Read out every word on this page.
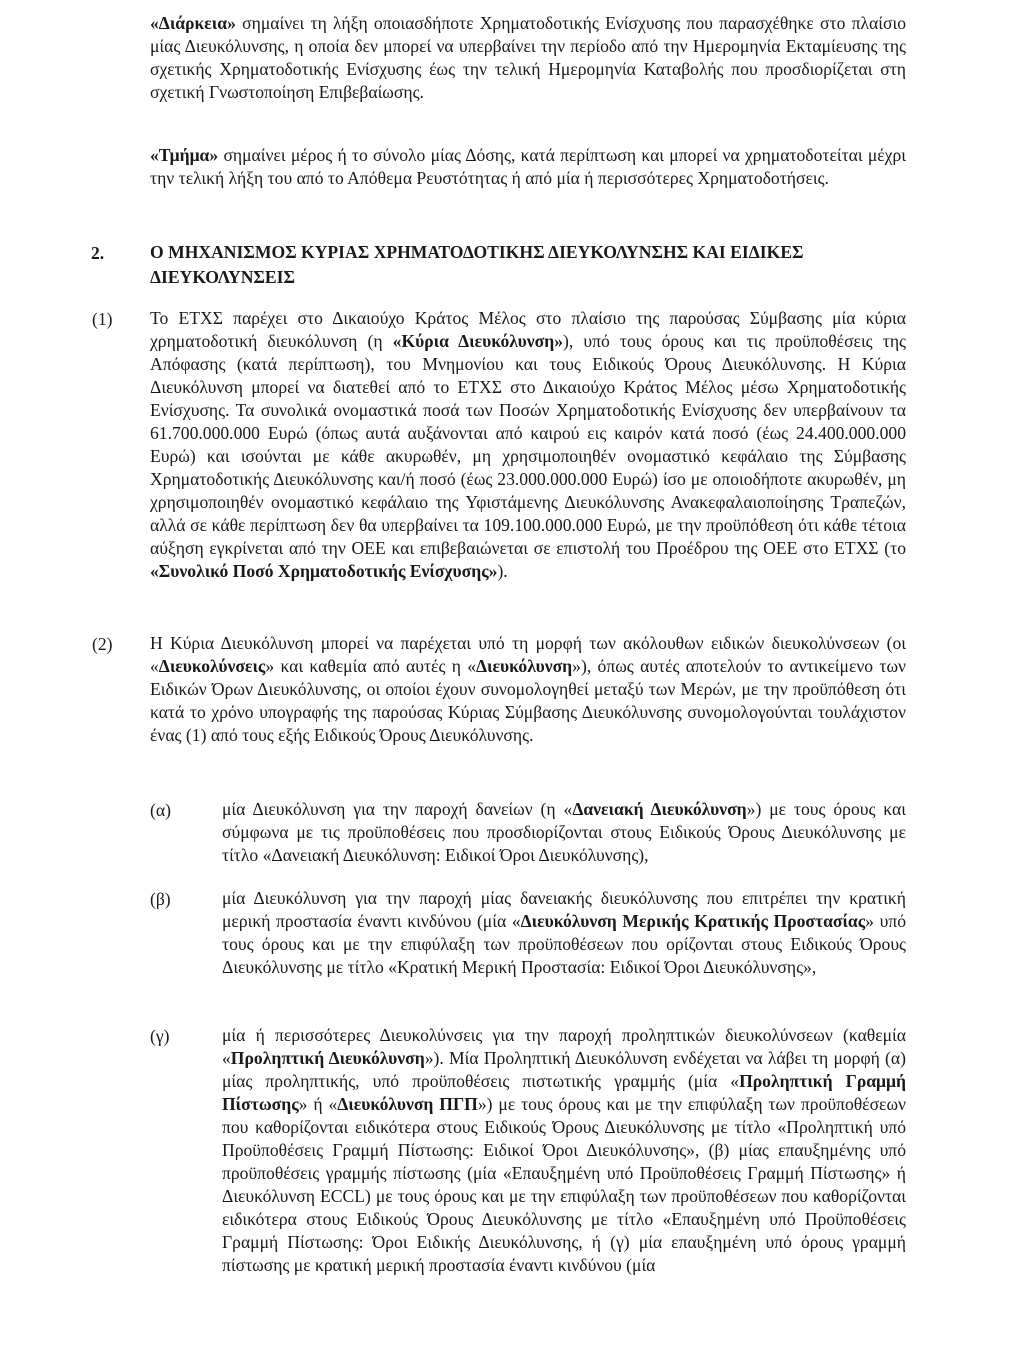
«Διάρκεια» σημαίνει τη λήξη οποιασδήποτε Χρηματοδοτικής Ενίσχυσης που παρασχέθηκε στο πλαίσιο μίας Διευκόλυνσης, η οποία δεν μπορεί να υπερβαίνει την περίοδο από την Ημερομηνία Εκταμίευσης της σχετικής Χρηματοδοτικής Ενίσχυσης έως την τελική Ημερομηνία Καταβολής που προσδιορίζεται στη σχετική Γνωστοποίηση Επιβεβαίωσης.
«Τμήμα» σημαίνει μέρος ή το σύνολο μίας Δόσης, κατά περίπτωση και μπορεί να χρηματοδοτείται μέχρι την τελική λήξη του από το Απόθεμα Ρευστότητας ή από μία ή περισσότερες Χρηματοδοτήσεις.
2.	Ο ΜΗΧΑΝΙΣΜΟΣ ΚΥΡΙΑΣ ΧΡΗΜΑΤΟΔΟΤΙΚΗΣ ΔΙΕΥΚΟΛΥΝΣΗΣ ΚΑΙ ΕΙΔΙΚΕΣ ΔΙΕΥΚΟΛΥΝΣΕΙΣ
(1) Το ΕΤΧΣ παρέχει στο Δικαιούχο Κράτος Μέλος στο πλαίσιο της παρούσας Σύμβασης μία κύρια χρηματοδοτική διευκόλυνση (η «Κύρια Διευκόλυνση»), υπό τους όρους και τις προϋποθέσεις της Απόφασης (κατά περίπτωση), του Μνημονίου και τους Ειδικούς Όρους Διευκόλυνσης. Η Κύρια Διευκόλυνση μπορεί να διατεθεί από το ΕΤΧΣ στο Δικαιούχο Κράτος Μέλος μέσω Χρηματοδοτικής Ενίσχυσης. Τα συνολικά ονομαστικά ποσά των Ποσών Χρηματοδοτικής Ενίσχυσης δεν υπερβαίνουν τα 61.700.000.000 Ευρώ (όπως αυτά αυξάνονται από καιρού εις καιρόν κατά ποσό (έως 24.400.000.000 Ευρώ) και ισούνται με κάθε ακυρωθέν, μη χρησιμοποιηθέν ονομαστικό κεφάλαιο της Σύμβασης Χρηματοδοτικής Διευκόλυνσης και/ή ποσό (έως 23.000.000.000 Ευρώ) ίσο με οποιοδήποτε ακυρωθέν, μη χρησιμοποιηθέν ονομαστικό κεφάλαιο της Υφιστάμενης Διευκόλυνσης Ανακεφαλαιοποίησης Τραπεζών, αλλά σε κάθε περίπτωση δεν θα υπερβαίνει τα 109.100.000.000 Ευρώ, με την προϋπόθεση ότι κάθε τέτοια αύξηση εγκρίνεται από την ΟΕΕ και επιβεβαιώνεται σε επιστολή του Προέδρου της ΟΕΕ στο ΕΤΧΣ (το «Συνολικό Ποσό Χρηματοδοτικής Ενίσχυσης»).
(2) Η Κύρια Διευκόλυνση μπορεί να παρέχεται υπό τη μορφή των ακόλουθων ειδικών διευκολύνσεων (οι «Διευκολύνσεις» και καθεμία από αυτές η «Διευκόλυνση»), όπως αυτές αποτελούν το αντικείμενο των Ειδικών Όρων Διευκόλυνσης, οι οποίοι έχουν συνομολογηθεί μεταξύ των Μερών, με την προϋπόθεση ότι κατά το χρόνο υπογραφής της παρούσας Κύριας Σύμβασης Διευκόλυνσης συνομολογούνται τουλάχιστον ένας (1) από τους εξής Ειδικούς Όρους Διευκόλυνσης.
(α)	μία Διευκόλυνση για την παροχή δανείων (η «Δανειακή Διευκόλυνση») με τους όρους και σύμφωνα με τις προϋποθέσεις που προσδιορίζονται στους Ειδικούς Όρους Διευκόλυνσης με τίτλο «Δανειακή Διευκόλυνση: Ειδικοί Όροι Διευκόλυνσης),
(β)	μία Διευκόλυνση για την παροχή μίας δανειακής διευκόλυνσης που επιτρέπει την κρατική μερική προστασία έναντι κινδύνου (μία «Διευκόλυνση Μερικής Κρατικής Προστασίας» υπό τους όρους και με την επιφύλαξη των προϋποθέσεων που ορίζονται στους Ειδικούς Όρους Διευκόλυνσης με τίτλο «Κρατική Μερική Προστασία: Ειδικοί Όροι Διευκόλυνσης»,
(γ)	μία ή περισσότερες Διευκολύνσεις για την παροχή προληπτικών διευκολύνσεων (καθεμία «Προληπτική Διευκόλυνση»). Μία Προληπτική Διευκόλυνση ενδέχεται να λάβει τη μορφή (α) μίας προληπτικής, υπό προϋποθέσεις πιστωτικής γραμμής (μία «Προληπτική Γραμμή Πίστωσης» ή «Διευκόλυνση ΠΓΠ») με τους όρους και με την επιφύλαξη των προϋποθέσεων που καθορίζονται ειδικότερα στους Ειδικούς Όρους Διευκόλυνσης με τίτλο «Προληπτική υπό Προϋποθέσεις Γραμμή Πίστωσης: Ειδικοί Όροι Διευκόλυνσης», (β) μίας επαυξημένης υπό προϋποθέσεις γραμμής πίστωσης (μία «Επαυξημένη υπό Προϋποθέσεις Γραμμή Πίστωσης» ή Διευκόλυνση ECCL) με τους όρους και με την επιφύλαξη των προϋποθέσεων που καθορίζονται ειδικότερα στους Ειδικούς Όρους Διευκόλυνσης με τίτλο «Επαυξημένη υπό Προϋποθέσεις Γραμμή Πίστωσης: Όροι Ειδικής Διευκόλυνσης, ή (γ) μία επαυξημένη υπό όρους γραμμή πίστωσης με κρατική μερική προστασία έναντι κινδύνου (μία
